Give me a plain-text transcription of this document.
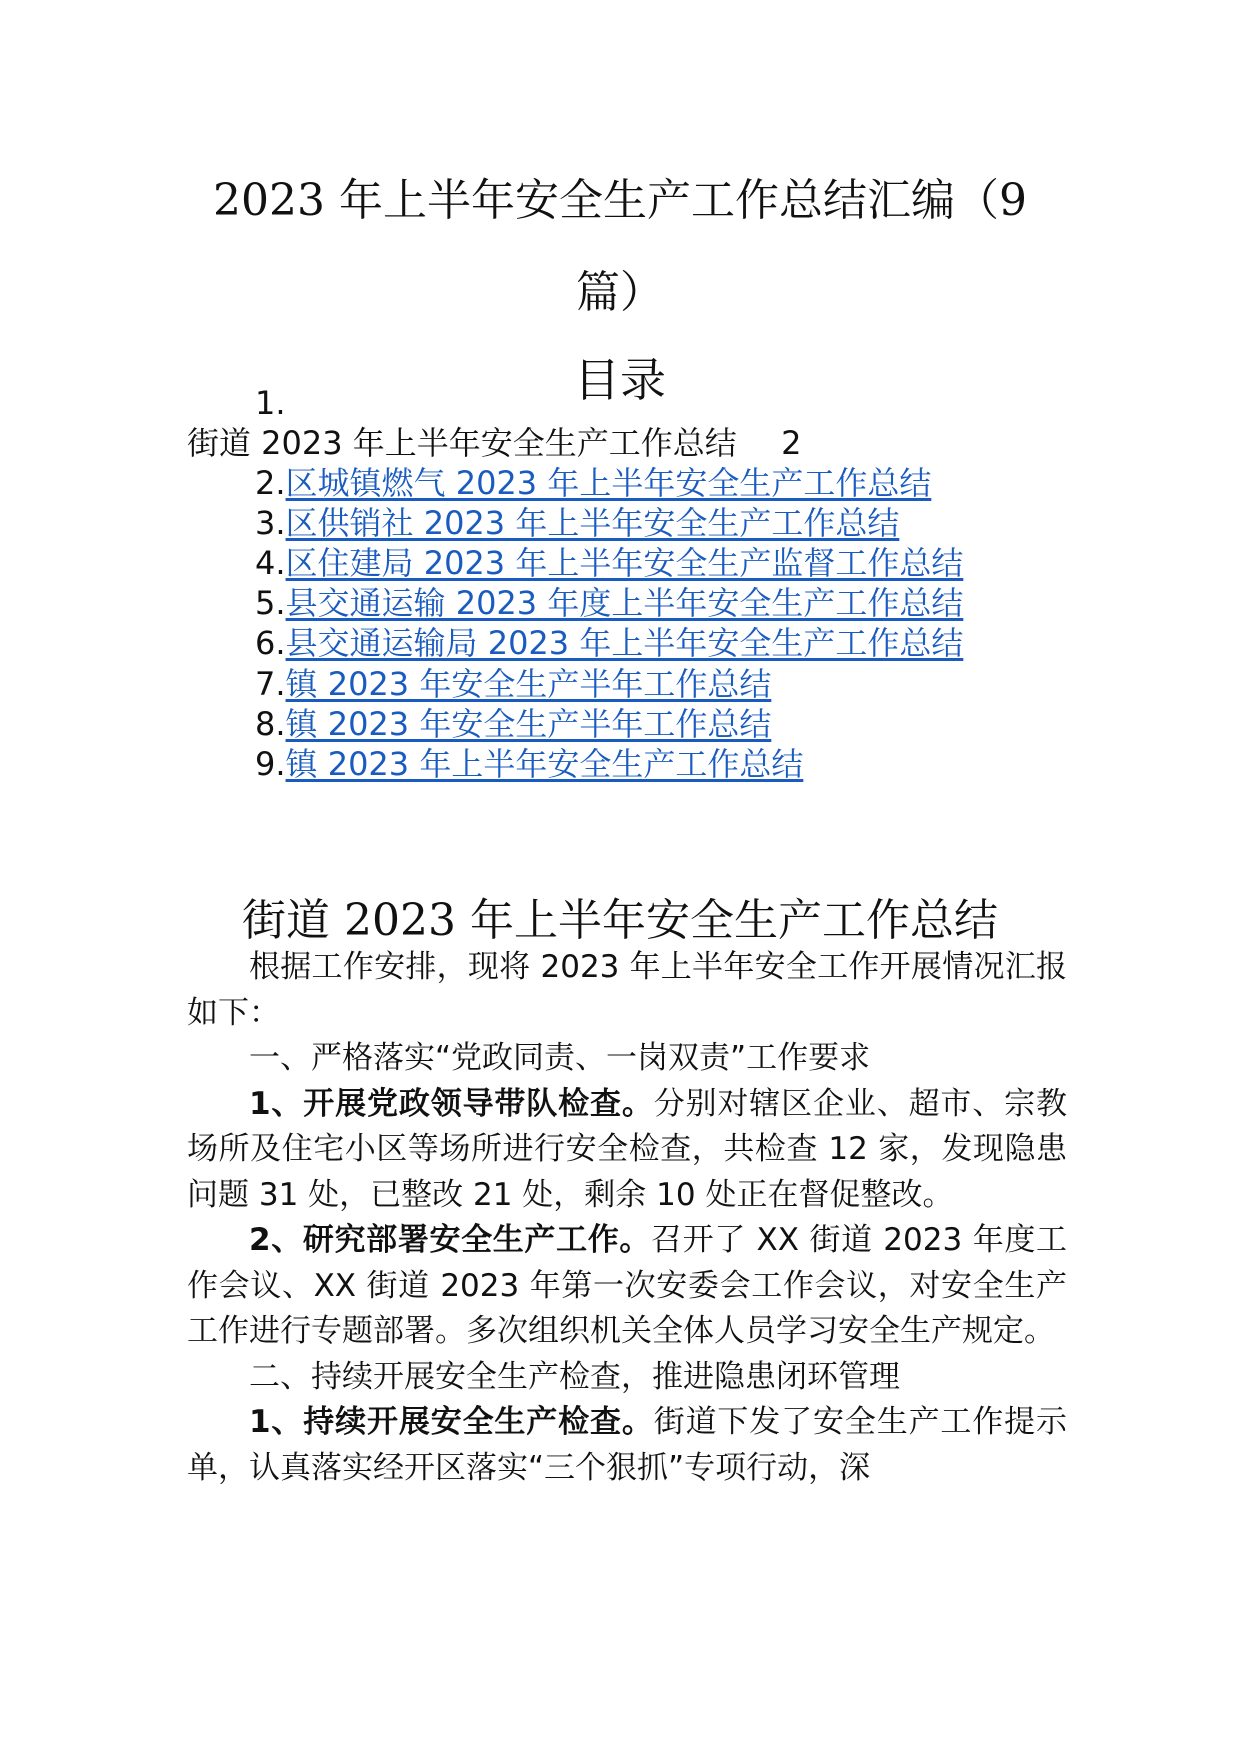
2023 年上半年安全生产工作总结汇编（9
篇）
目录
1.
街道 2023 年上半年安全生产工作总结 2
2.区城镇燃气 2023 年上半年安全生产工作总结
3.区供销社 2023 年上半年安全生产工作总结
4.区住建局 2023 年上半年安全生产监督工作总结
5.县交通运输 2023 年度上半年安全生产工作总结
6.县交通运输局 2023 年上半年安全生产工作总结
7.镇 2023 年安全生产半年工作总结
8.镇 2023 年安全生产半年工作总结
9.镇 2023 年上半年安全生产工作总结
街道 2023 年上半年安全生产工作总结

根据工作安排，现将 2023 年上半年安全工作开展情况汇报如下：

一、严格落实“党政同责、一岗双责”工作要求

1、开展党政领导带队检查。分别对辖区企业、超市、宗教场所及住宅小区等场所进行安全检查，共检查 12 家，发现隐患问题 31 处，已整改 21 处，剩余 10 处正在督促整改。

2、研究部署安全生产工作。召开了 XX 街道 2023 年度工作会议、XX 街道 2023 年第一次安委会工作会议，对安全生产工作进行专题部署。多次组织机关全体人员学习安全生产规定。

二、持续开展安全生产检查，推进隐患闭环管理

1、持续开展安全生产检查。街道下发了安全生产工作提示单，认真落实经开区落实“三个狠抓”专项行动，深
